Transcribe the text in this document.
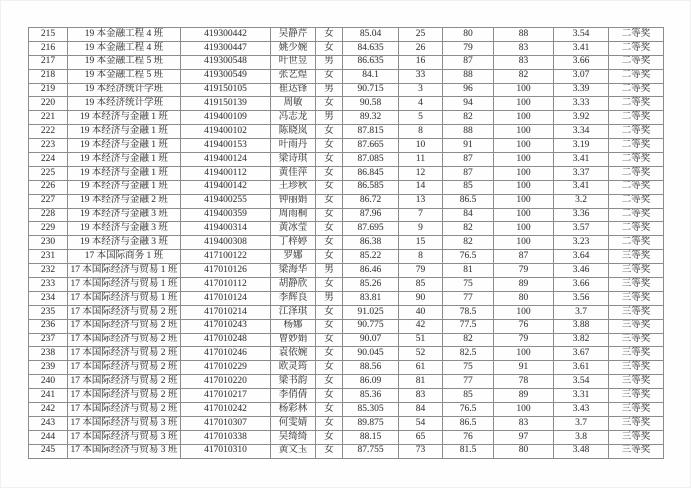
215	19 本金融工程 4 班	419300442	吴静芹	女	85.04	25	80	88	3.54	二等奖
216	19 本金融工程 4 班	419300447	姚少婉	女	84.635	26	79	83	3.41	二等奖
217	19 本金融工程 5 班	419300548	叶世昱	男	86.635	16	87	83	3.66	二等奖
218	19 本金融工程 5 班	419300549	张艺煌	女	84.1	33	88	82	3.07	二等奖
219	19 本经济统计学班	419150105	崔达锋	男	90.715	3	96	100	3.39	二等奖
220	19 本经济统计学班	419150139	周敏	女	90.58	4	94	100	3.33	二等奖
221	19 本经济与金融 1 班	419400109	冯志龙	男	89.32	5	82	100	3.92	二等奖
222	19 本经济与金融 1 班	419400102	陈晓岚	女	87.815	8	88	100	3.34	二等奖
223	19 本经济与金融 1 班	419400153	叶雨丹	女	87.665	10	91	100	3.19	二等奖
224	19 本经济与金融 1 班	419400124	梁诗琪	女	87.085	11	87	100	3.41	二等奖
225	19 本经济与金融 1 班	419400112	黄佳萍	女	86.845	12	87	100	3.37	二等奖
226	19 本经济与金融 1 班	419400142	王珍秋	女	86.585	14	85	100	3.41	二等奖
227	19 本经济与金融 2 班	419400255	钟丽娟	女	86.72	13	86.5	100	3.2	二等奖
228	19 本经济与金融 3 班	419400359	周雨桐	女	87.96	7	84	100	3.36	二等奖
229	19 本经济与金融 3 班	419400314	黄冰莹	女	87.695	9	82	100	3.57	二等奖
230	19 本经济与金融 3 班	419400308	丁梓婷	女	86.38	15	82	100	3.23	二等奖
231	17 本国际商务 1 班	417100122	罗娜	女	85.22	8	76.5	87	3.64	三等奖
232	17 本国际经济与贸易 1 班	417010126	梁海华	男	86.46	79	81	79	3.46	三等奖
233	17 本国际经济与贸易 1 班	417010112	胡静欣	女	85.26	85	75	89	3.66	三等奖
234	17 本国际经济与贸易 1 班	417010124	李辉良	男	83.81	90	77	80	3.56	三等奖
235	17 本国际经济与贸易 2 班	417010214	江泽琪	女	91.025	40	78.5	100	3.7	三等奖
236	17 本国际经济与贸易 2 班	417010243	杨娜	女	90.775	42	77.5	76	3.88	三等奖
237	17 本国际经济与贸易 2 班	417010248	曾妙娟	女	90.07	51	82	79	3.82	三等奖
238	17 本国际经济与贸易 2 班	417010246	袁依婉	女	90.045	52	82.5	100	3.67	三等奖
239	17 本国际经济与贸易 2 班	417010229	欧灵筠	女	88.56	61	75	91	3.61	三等奖
240	17 本国际经济与贸易 2 班	417010220	梁书韵	女	86.09	81	77	78	3.54	三等奖
241	17 本国际经济与贸易 2 班	417010217	李俏倩	女	85.36	83	85	89	3.31	三等奖
242	17 本国际经济与贸易 2 班	417010242	杨彩林	女	85.305	84	76.5	100	3.43	三等奖
243	17 本国际经济与贸易 3 班	417010307	何雯婧	女	89.875	54	86.5	83	3.7	三等奖
244	17 本国际经济与贸易 3 班	417010338	吴绮绮	女	88.15	65	76	97	3.8	三等奖
245	17 本国际经济与贸易 3 班	417010310	黄文玉	女	87.755	73	81.5	80	3.48	三等奖
